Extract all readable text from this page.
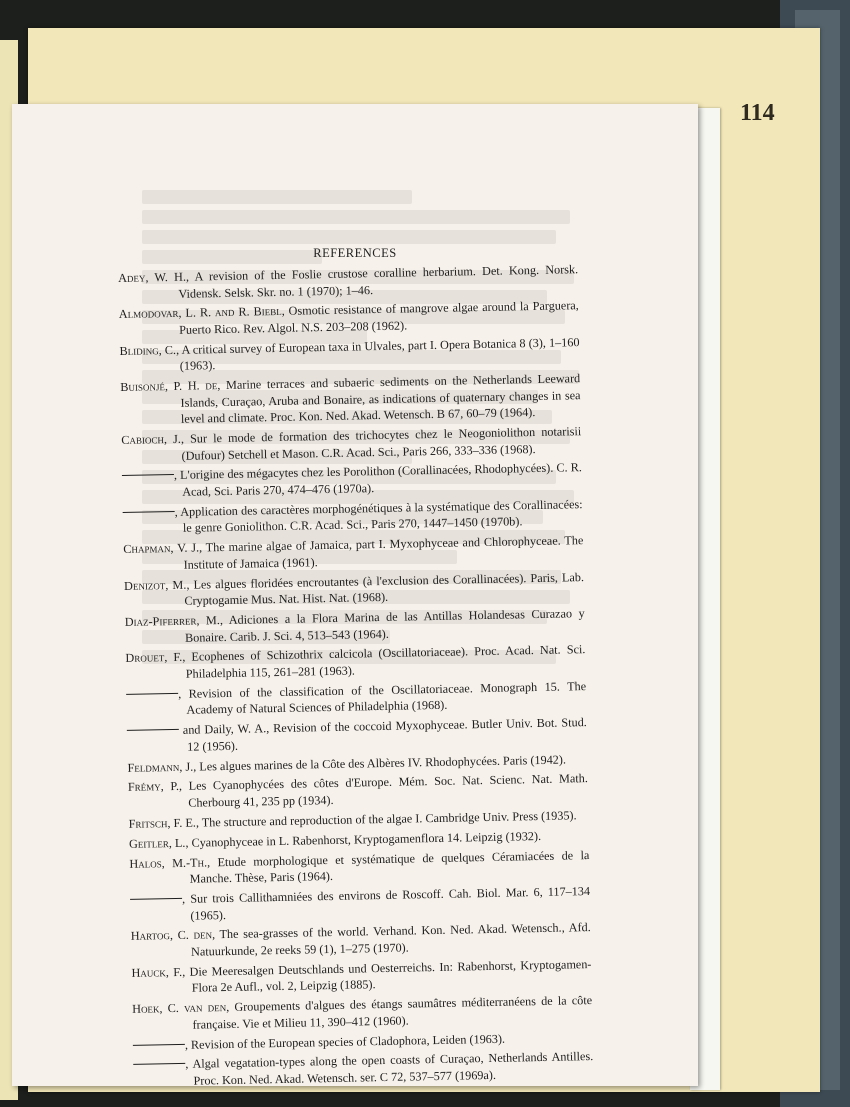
114
REFERENCES

Adey, W. H., A revision of the Foslie crustose coralline herbarium. Det. Kong. Norsk. Vidensk. Selsk. Skr. no. 1 (1970); 1–46.

Almodovar, L. R. and R. Biebl, Osmotic resistance of mangrove algae around la Parguera, Puerto Rico. Rev. Algol. N.S. 203–208 (1962).

Bliding, C., A critical survey of European taxa in Ulvales, part I. Opera Botanica 8 (3), 1–160 (1963).

Buisonjé, P. H. de, Marine terraces and subaeric sediments on the Netherlands Leeward Islands, Curaçao, Aruba and Bonaire, as indications of quaternary changes in sea level and climate. Proc. Kon. Ned. Akad. Wetensch. B 67, 60–79 (1964).

Cabioch, J., Sur le mode de formation des trichocytes chez le Neogoniolithon notarisii (Dufour) Setchell et Mason. C.R. Acad. Sci., Paris 266, 333–336 (1968).

, L'origine des mégacytes chez les Porolithon (Corallinacées, Rhodophycées). C. R. Acad, Sci. Paris 270, 474–476 (1970a).

, Application des caractères morphogénétiques à la systématique des Corallinacées: le genre Goniolithon. C.R. Acad. Sci., Paris 270, 1447–1450 (1970b).

Chapman, V. J., The marine algae of Jamaica, part I. Myxophyceae and Chlorophyceae. The Institute of Jamaica (1961).

Denizot, M., Les algues floridées encroutantes (à l'exclusion des Corallinacées). Paris, Lab. Cryptogamie Mus. Nat. Hist. Nat. (1968).

Diaz-Piferrer, M., Adiciones a la Flora Marina de las Antillas Holandesas Curazao y Bonaire. Carib. J. Sci. 4, 513–543 (1964).

Drouet, F., Ecophenes of Schizothrix calcicola (Oscillatoriaceae). Proc. Acad. Nat. Sci. Philadelphia 115, 261–281 (1963).

, Revision of the classification of the Oscillatoriaceae. Monograph 15. The Academy of Natural Sciences of Philadelphia (1968).

and Daily, W. A., Revision of the coccoid Myxophyceae. Butler Univ. Bot. Stud. 12 (1956).

Feldmann, J., Les algues marines de la Côte des Albères IV. Rhodophycées. Paris (1942).

Frémy, P., Les Cyanophycées des côtes d'Europe. Mém. Soc. Nat. Scienc. Nat. Math. Cherbourg 41, 235 pp (1934).

Fritsch, F. E., The structure and reproduction of the algae I. Cambridge Univ. Press (1935).

Geitler, L., Cyanophyceae in L. Rabenhorst, Kryptogamenflora 14. Leipzig (1932).

Halos, M.-Th., Etude morphologique et systématique de quelques Céramiacées de la Manche. Thèse, Paris (1964).

, Sur trois Callithamniées des environs de Roscoff. Cah. Biol. Mar. 6, 117–134 (1965).

Hartog, C. den, The sea-grasses of the world. Verhand. Kon. Ned. Akad. Wetensch., Afd. Natuurkunde, 2e reeks 59 (1), 1–275 (1970).

Hauck, F., Die Meeresalgen Deutschlands und Oesterreichs. In: Rabenhorst, Kryptogamen-Flora 2e Aufl., vol. 2, Leipzig (1885).

Hoek, C. van den, Groupements d'algues des étangs saumâtres méditerranéens de la côte française. Vie et Milieu 11, 390–412 (1960).

, Revision of the European species of Cladophora, Leiden (1963).

, Algal vegatation-types along the open coasts of Curaçao, Netherlands Antilles. Proc. Kon. Ned. Akad. Wetensch. ser. C 72, 537–577 (1969a).
